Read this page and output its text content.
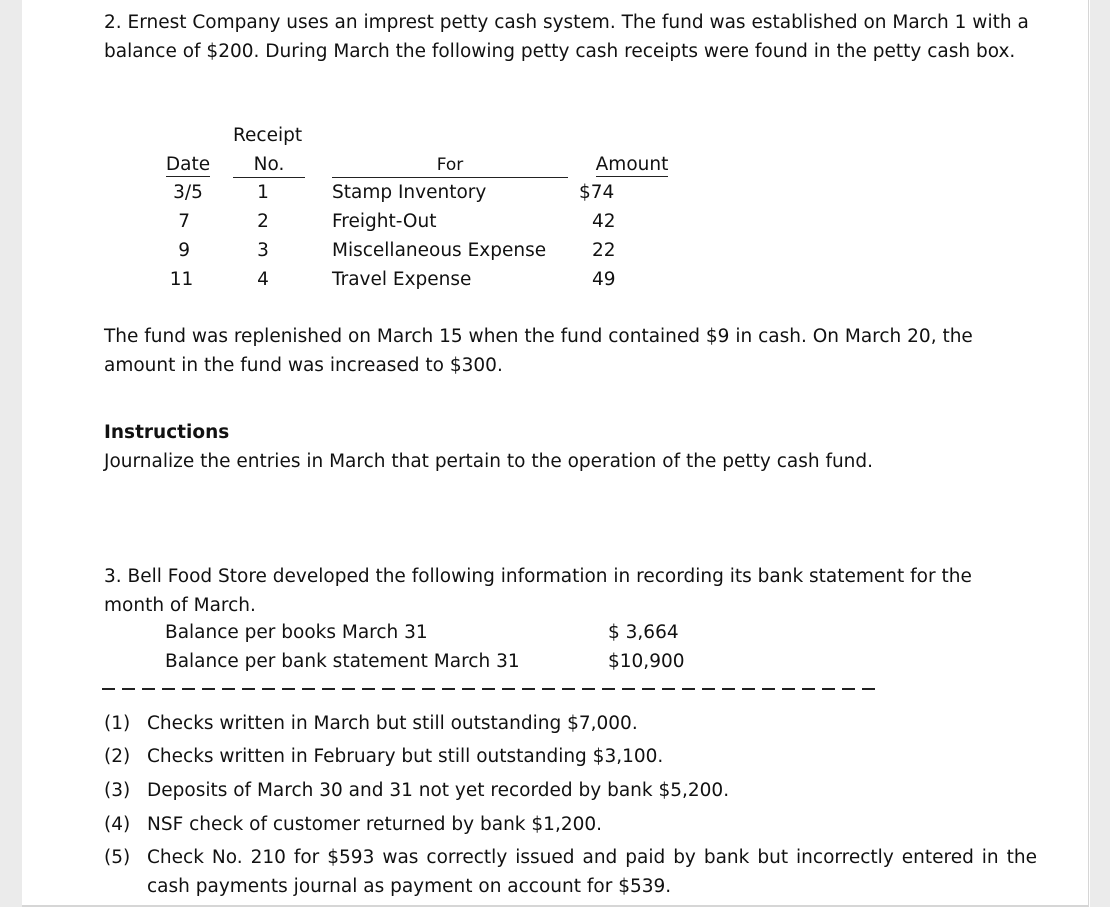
2. Ernest Company uses an imprest petty cash system. The fund was established on March 1 with a balance of $200. During March the following petty cash receipts were found in the petty cash box.
Receipt
Date	No.	For	Amount
3/5	1	Stamp Inventory	$74
7	2	Freight-Out	42
9	3	Miscellaneous Expense 22
11	4	Travel Expense	49
The fund was replenished on March 15 when the fund contained $9 in cash. On March 20, the amount in the fund was increased to $300.
Instructions
Journalize the entries in March that pertain to the operation of the petty cash fund.
3. Bell Food Store developed the following information in recording its bank statement for the month of March.
Balance per books March 31	$ 3,664
Balance per bank statement March 31	$10,900
(1) Checks written in March but still outstanding $7,000.
(2) Checks written in February but still outstanding $3,100.
(3) Deposits of March 30 and 31 not yet recorded by bank $5,200.
(4) NSF check of customer returned by bank $1,200.
(5) Check No. 210 for $593 was correctly issued and paid by bank but incorrectly entered in the cash payments journal as payment on account for $539.
